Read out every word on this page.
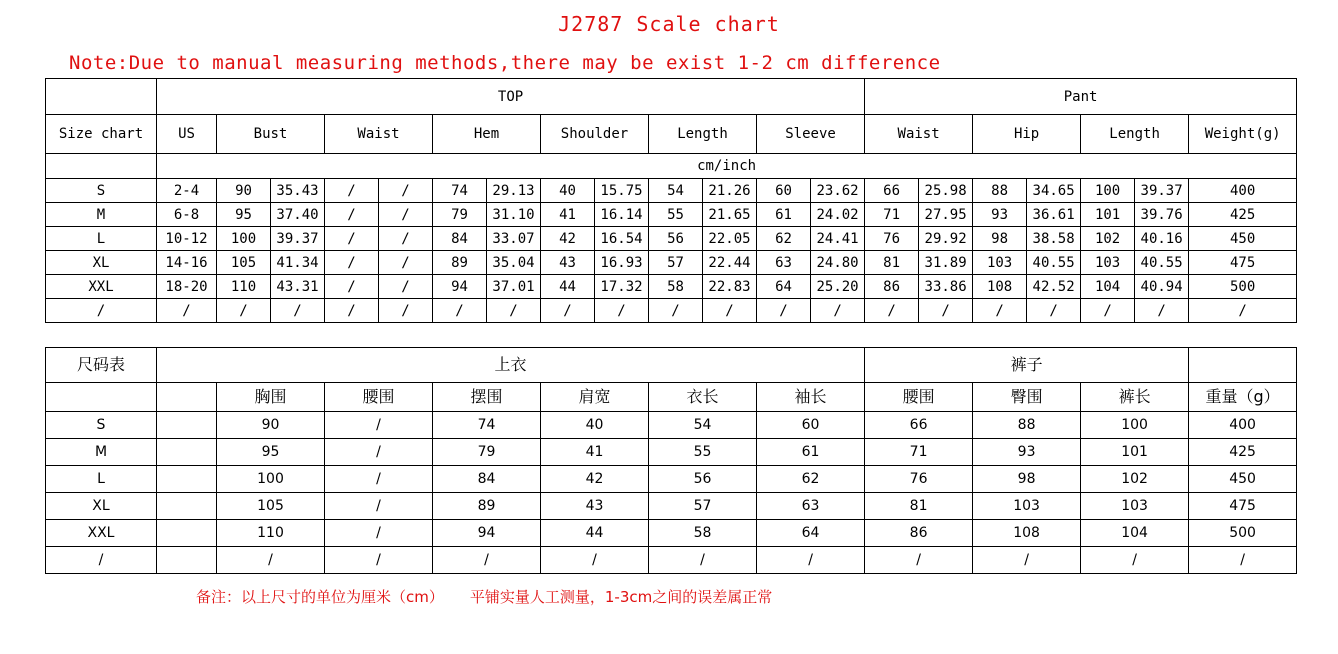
J2787 Scale chart
Note:Due to manual measuring methods,there may be exist 1-2 cm difference
	TOP													Pant						
Size chart	US	Bust		Waist		Hem		Shoulder		Length		Sleeve		Waist		Hip		Length		Weight(g)
	cm/inch																			
S	2-4	90	35.43	/	/	74	29.13	40	15.75	54	21.26	60	23.62	66	25.98	88	34.65	100	39.37	400
M	6-8	95	37.40	/	/	79	31.10	41	16.14	55	21.65	61	24.02	71	27.95	93	36.61	101	39.76	425
L	10-12	100	39.37	/	/	84	33.07	42	16.54	56	22.05	62	24.41	76	29.92	98	38.58	102	40.16	450
XL	14-16	105	41.34	/	/	89	35.04	43	16.93	57	22.44	63	24.80	81	31.89	103	40.55	103	40.55	475
XXL	18-20	110	43.31	/	/	94	37.01	44	17.32	58	22.83	64	25.20	86	33.86	108	42.52	104	40.94	500
/	/	/	/	/	/	/	/	/	/	/	/	/	/	/	/	/	/	/	/	/
尺码表	上衣							裤子			
		胸围	腰围	摆围	肩宽	衣长	袖长	腰围	臀围	裤长	重量（g）
S		90	/	74	40	54	60	66	88	100	400
M		95	/	79	41	55	61	71	93	101	425
L		100	/	84	42	56	62	76	98	102	450
XL		105	/	89	43	57	63	81	103	103	475
XXL		110	/	94	44	58	64	86	108	104	500
/		/	/	/	/	/	/	/	/	/	/
备注：以上尺寸的单位为厘米（cm） 平铺实量人工测量，1-3cm之间的误差属正常
